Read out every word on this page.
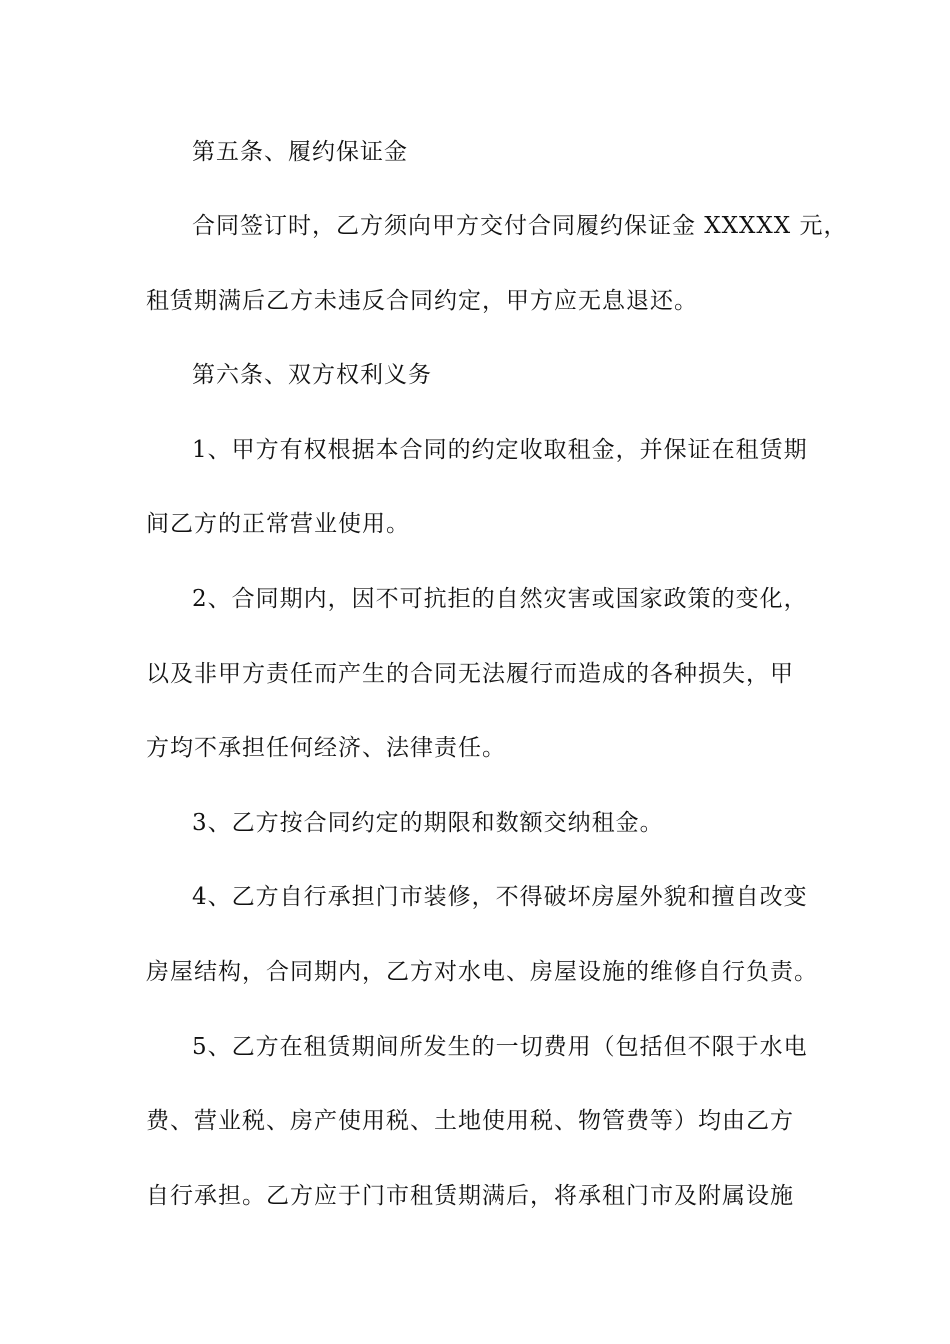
第五条、履约保证金
合同签订时，乙方须向甲方交付合同履约保证金 XXXXX 元，
租赁期满后乙方未违反合同约定，甲方应无息退还。
第六条、双方权利义务
1、甲方有权根据本合同的约定收取租金，并保证在租赁期
间乙方的正常营业使用。
2、合同期内，因不可抗拒的自然灾害或国家政策的变化，
以及非甲方责任而产生的合同无法履行而造成的各种损失，甲
方均不承担任何经济、法律责任。
3、乙方按合同约定的期限和数额交纳租金。
4、乙方自行承担门市装修，不得破坏房屋外貌和擅自改变
房屋结构，合同期内，乙方对水电、房屋设施的维修自行负责。
5、乙方在租赁期间所发生的一切费用（包括但不限于水电
费、营业税、房产使用税、土地使用税、物管费等）均由乙方
自行承担。乙方应于门市租赁期满后，将承租门市及附属设施
